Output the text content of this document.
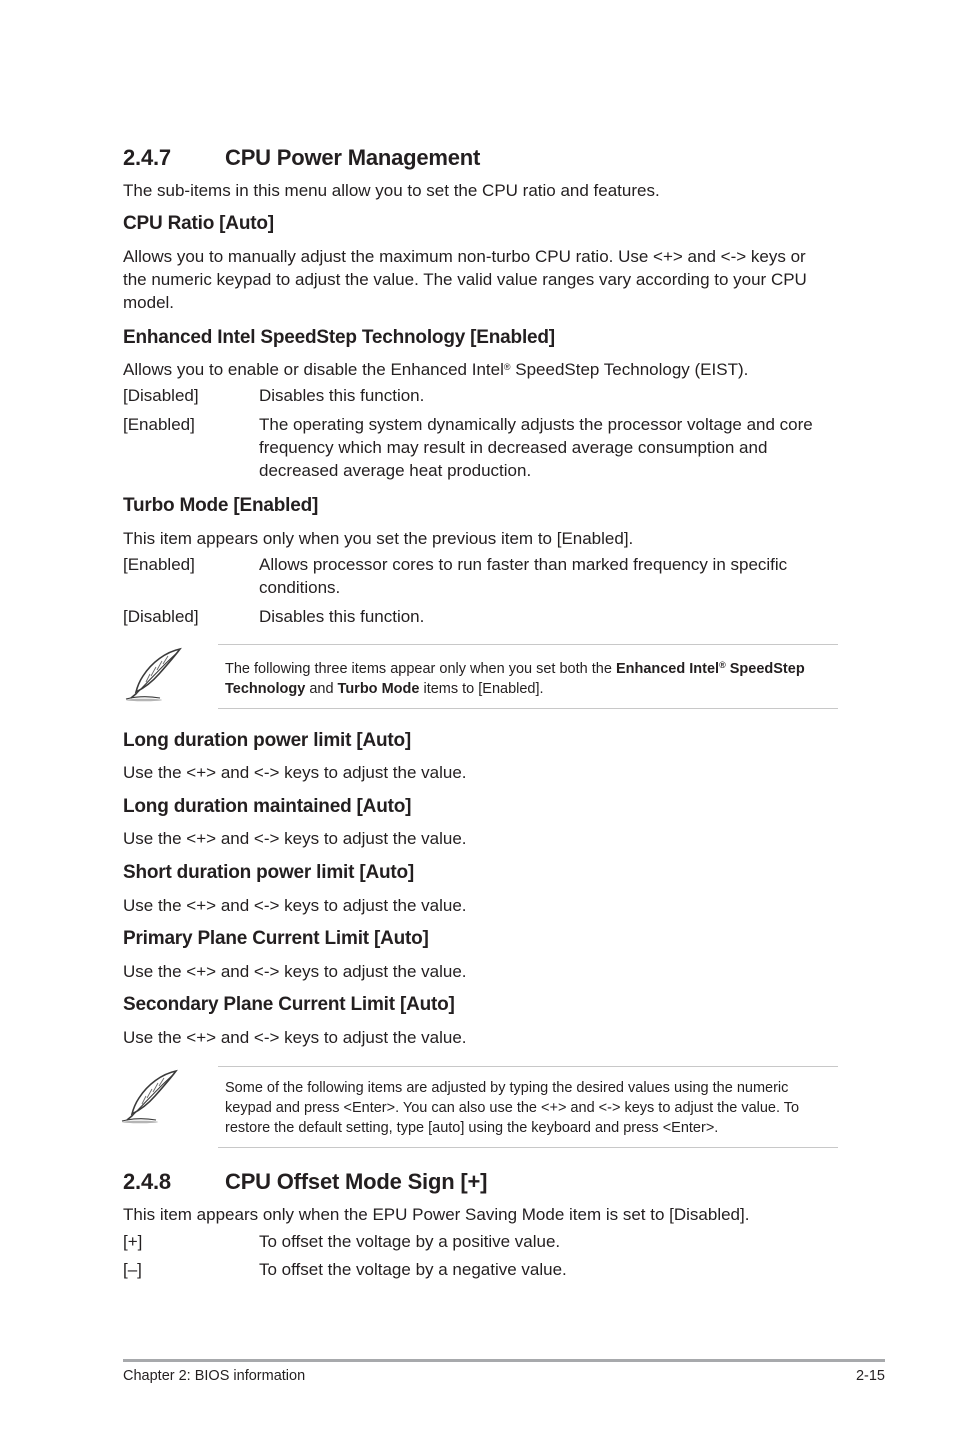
2.4.7 CPU Power Management
The sub-items in this menu allow you to set the CPU ratio and features.
CPU Ratio [Auto]
Allows you to manually adjust the maximum non-turbo CPU ratio. Use <+> and <-> keys or the numeric keypad to adjust the value. The valid value ranges vary according to your CPU model.
Enhanced Intel SpeedStep Technology [Enabled]
Allows you to enable or disable the Enhanced Intel® SpeedStep Technology (EIST).
[Disabled]	Disables this function.
[Enabled]	The operating system dynamically adjusts the processor voltage and core frequency which may result in decreased average consumption and decreased average heat production.
Turbo Mode [Enabled]
This item appears only when you set the previous item to [Enabled].
[Enabled]	Allows processor cores to run faster than marked frequency in specific conditions.
[Disabled]	Disables this function.
The following three items appear only when you set both the Enhanced Intel® SpeedStep Technology and Turbo Mode items to [Enabled].
Long duration power limit [Auto]
Use the <+> and <-> keys to adjust the value.
Long duration maintained [Auto]
Use the <+> and <-> keys to adjust the value.
Short duration power limit [Auto]
Use the <+> and <-> keys to adjust the value.
Primary Plane Current Limit [Auto]
Use the <+> and <-> keys to adjust the value.
Secondary Plane Current Limit [Auto]
Use the <+> and <-> keys to adjust the value.
Some of the following items are adjusted by typing the desired values using the numeric keypad and press <Enter>. You can also use the <+> and <-> keys to adjust the value. To restore the default setting, type [auto] using the keyboard and press <Enter>.
2.4.8 CPU Offset Mode Sign [+]
This item appears only when the EPU Power Saving Mode item is set to [Disabled].
[+]	To offset the voltage by a positive value.
[–]	To offset the voltage by a negative value.
Chapter 2: BIOS information	2-15
